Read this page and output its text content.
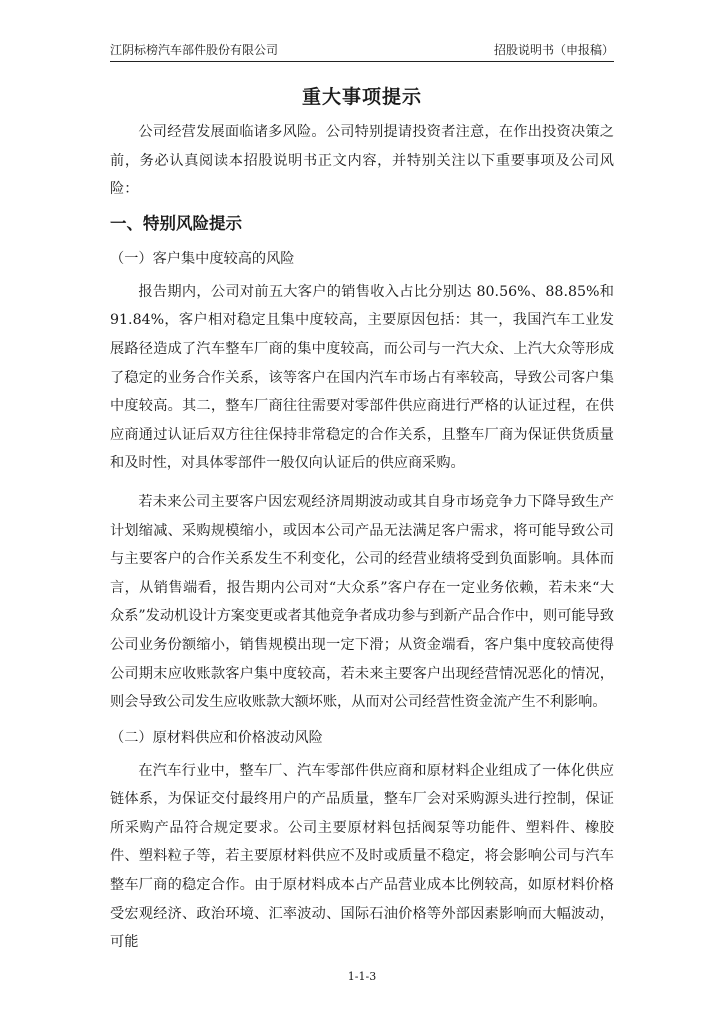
江阴标榜汽车部件股份有限公司	招股说明书（申报稿）
重大事项提示

公司经营发展面临诸多风险。公司特别提请投资者注意，在作出投资决策之前，务必认真阅读本招股说明书正文内容，并特别关注以下重要事项及公司风险：

一、特别风险提示
（一）客户集中度较高的风险

报告期内，公司对前五大客户的销售收入占比分别达 80.56%、88.85%和91.84%，客户相对稳定且集中度较高，主要原因包括：其一，我国汽车工业发展路径造成了汽车整车厂商的集中度较高，而公司与一汽大众、上汽大众等形成了稳定的业务合作关系，该等客户在国内汽车市场占有率较高，导致公司客户集中度较高。其二，整车厂商往往需要对零部件供应商进行严格的认证过程，在供应商通过认证后双方往往保持非常稳定的合作关系，且整车厂商为保证供货质量和及时性，对具体零部件一般仅向认证后的供应商采购。

若未来公司主要客户因宏观经济周期波动或其自身市场竞争力下降导致生产计划缩减、采购规模缩小，或因本公司产品无法满足客户需求，将可能导致公司与主要客户的合作关系发生不利变化，公司的经营业绩将受到负面影响。具体而言，从销售端看，报告期内公司对“大众系”客户存在一定业务依赖，若未来“大众系”发动机设计方案变更或者其他竞争者成功参与到新产品合作中，则可能导致公司业务份额缩小，销售规模出现一定下滑；从资金端看，客户集中度较高使得公司期末应收账款客户集中度较高，若未来主要客户出现经营情况恶化的情况，则会导致公司发生应收账款大额坏账，从而对公司经营性资金流产生不利影响。

（二）原材料供应和价格波动风险

在汽车行业中，整车厂、汽车零部件供应商和原材料企业组成了一体化供应链体系，为保证交付最终用户的产品质量，整车厂会对采购源头进行控制，保证所采购产品符合规定要求。公司主要原材料包括阀泵等功能件、塑料件、橡胶件、塑料粒子等，若主要原材料供应不及时或质量不稳定，将会影响公司与汽车整车厂商的稳定合作。由于原材料成本占产品营业成本比例较高，如原材料价格受宏观经济、政治环境、汇率波动、国际石油价格等外部因素影响而大幅波动，可能

1-1-3
